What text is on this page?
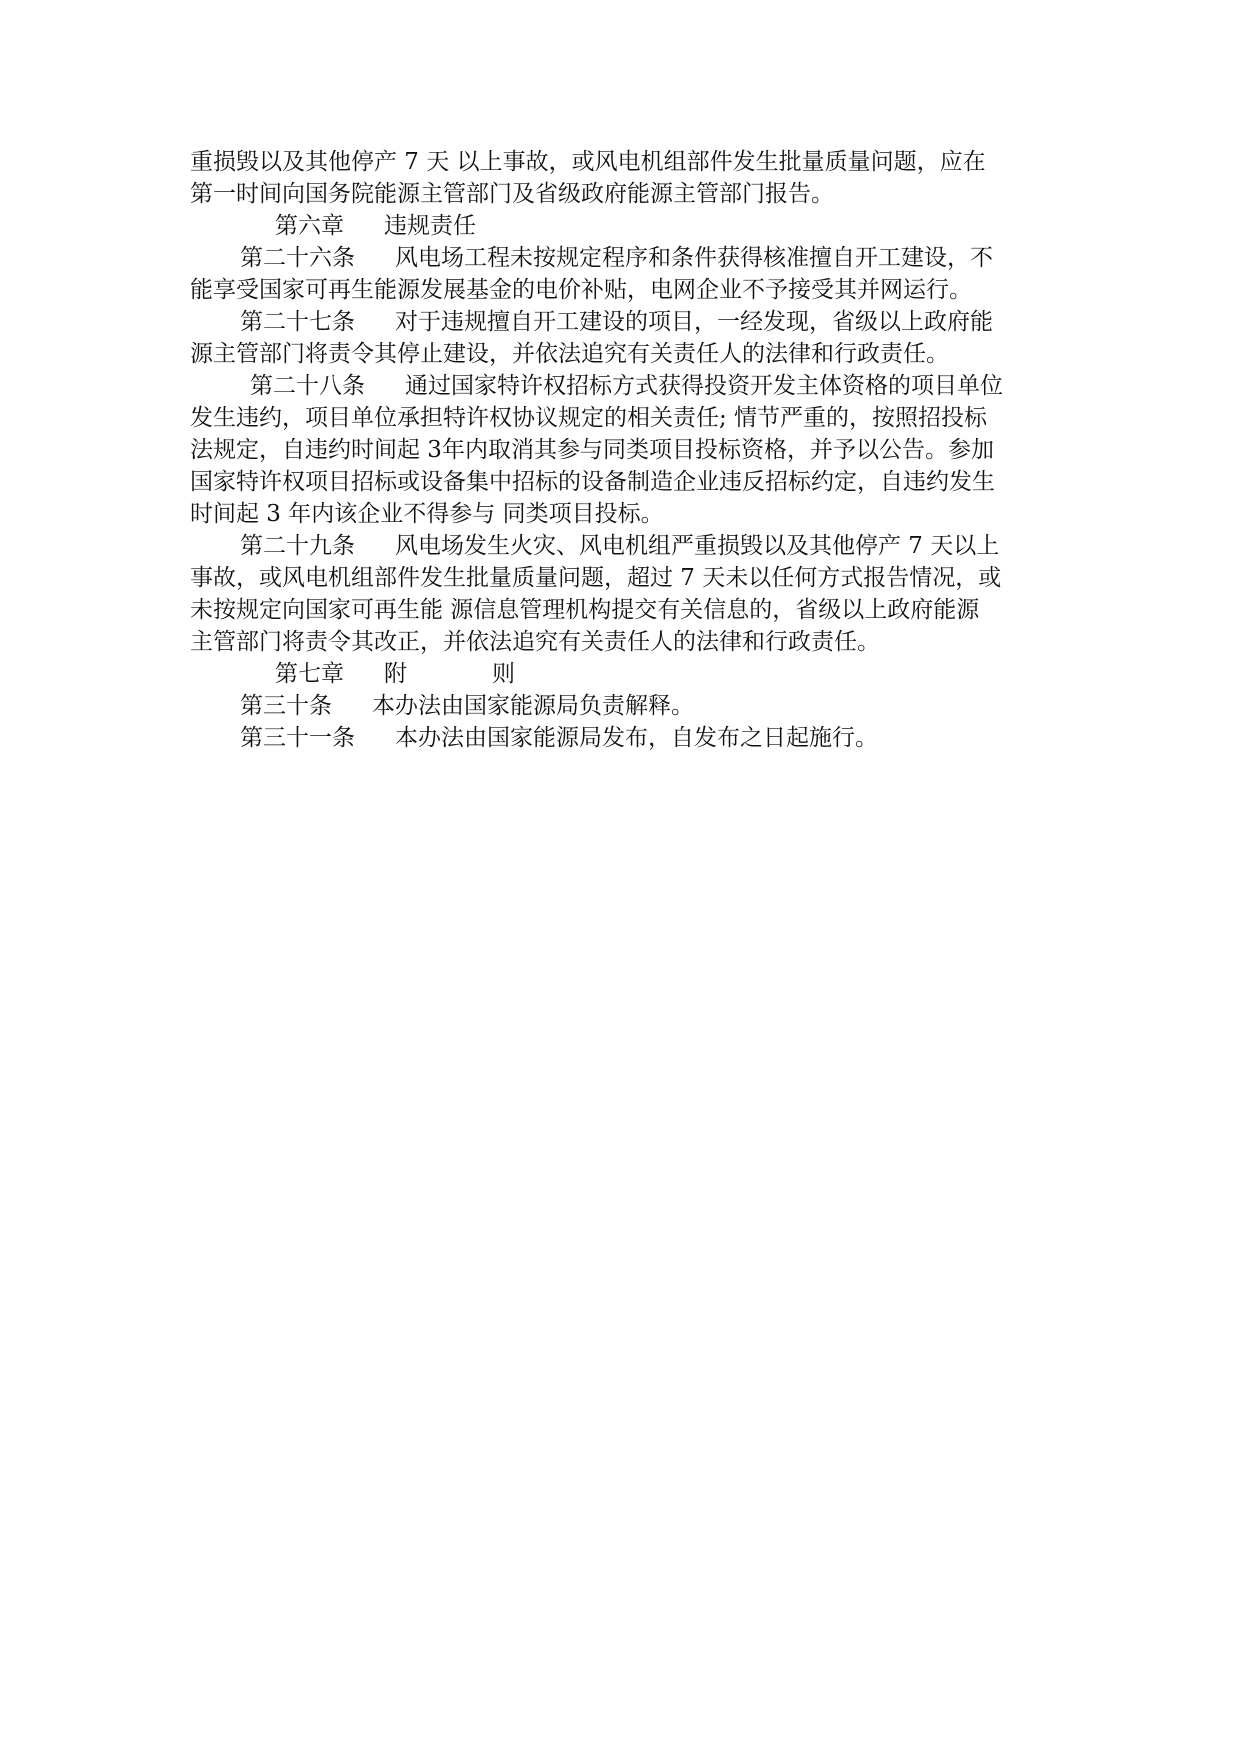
重损毁以及其他停产 7 天 以上事故，或风电机组部件发生批量质量问题，应在
第一时间向国务院能源主管部门及省级政府能源主管部门报告。
第六章 违规责任
第二十六条 风电场工程未按规定程序和条件获得核准擅自开工建设，不
能享受国家可再生能源发展基金的电价补贴，电网企业不予接受其并网运行。
第二十七条 对于违规擅自开工建设的项目，一经发现，省级以上政府能
源主管部门将责令其停止建设，并依法追究有关责任人的法律和行政责任。
第二十八条 通过国家特许权招标方式获得投资开发主体资格的项目单位
发生违约，项目单位承担特许权协议规定的相关责任; 情节严重的，按照招投标
法规定，自违约时间起 3年内取消其参与同类项目投标资格，并予以公告。参加
国家特许权项目招标或设备集中招标的设备制造企业违反招标约定，自违约发生
时间起 3 年内该企业不得参与 同类项目投标。
第二十九条 风电场发生火灾、风电机组严重损毁以及其他停产 7 天以上
事故，或风电机组部件发生批量质量问题，超过 7 天未以任何方式报告情况，或
未按规定向国家可再生能 源信息管理机构提交有关信息的，省级以上政府能源
主管部门将责令其改正，并依法追究有关责任人的法律和行政责任。
第七章 附	则
第三十条 本办法由国家能源局负责解释。
第三十一条 本办法由国家能源局发布，自发布之日起施行。
